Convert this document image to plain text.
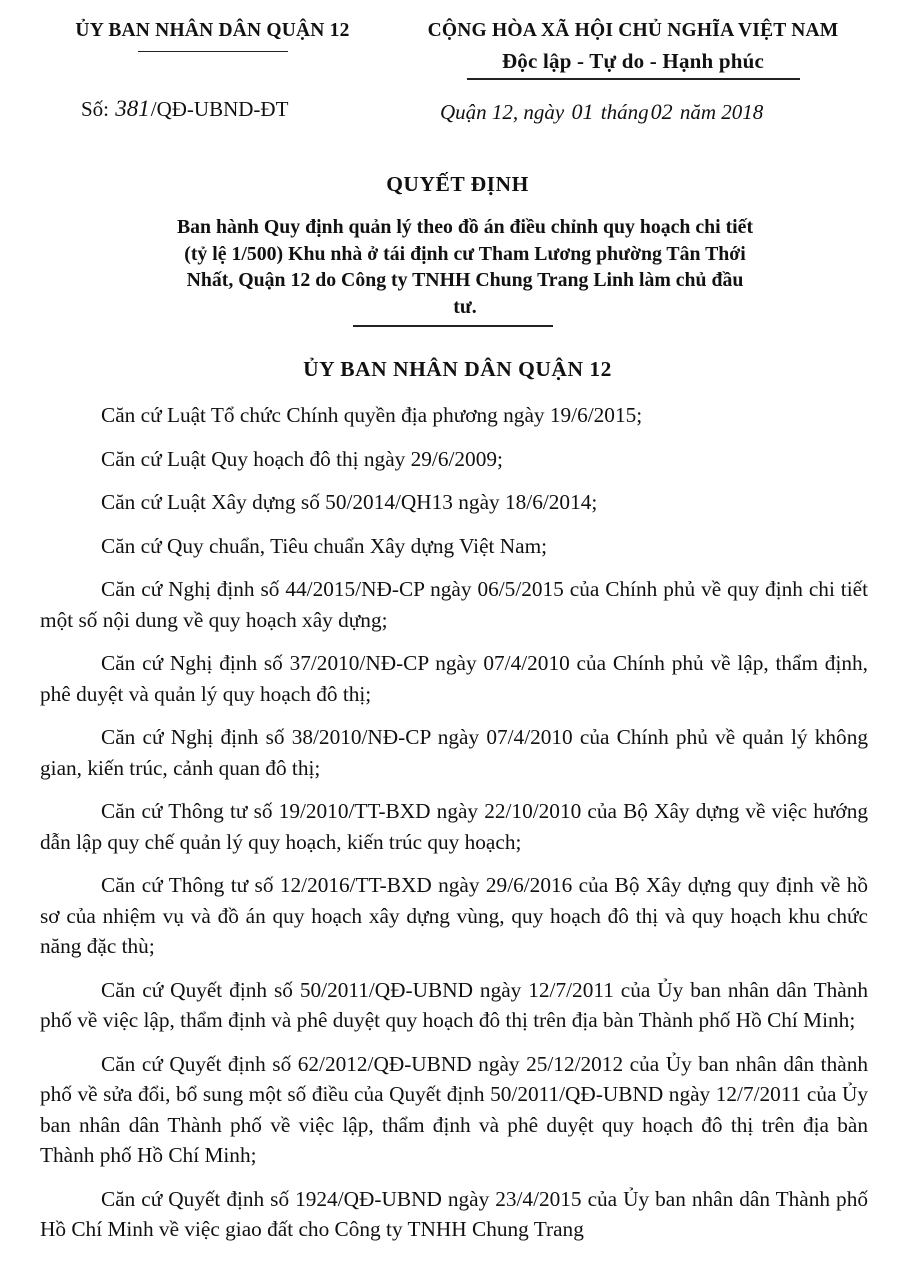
ỦY BAN NHÂN DÂN QUẬN 12	CỘNG HÒA XÃ HỘI CHỦ NGHĨA VIỆT NAM
Độc lập - Tự do - Hạnh phúc
Số: 381/QĐ-UBND-ĐT	Quận 12, ngày 01 tháng02 năm 2018
QUYẾT ĐỊNH
Ban hành Quy định quản lý theo đồ án điều chỉnh quy hoạch chi tiết (tỷ lệ 1/500) Khu nhà ở tái định cư Tham Lương phường Tân Thới Nhất, Quận 12 do Công ty TNHH Chung Trang Linh làm chủ đầu tư.
ỦY BAN NHÂN DÂN QUẬN 12

Căn cứ Luật Tổ chức Chính quyền địa phương ngày 19/6/2015;

Căn cứ Luật Quy hoạch đô thị ngày 29/6/2009;

Căn cứ Luật Xây dựng số 50/2014/QH13 ngày 18/6/2014;

Căn cứ Quy chuẩn, Tiêu chuẩn Xây dựng Việt Nam;

Căn cứ Nghị định số 44/2015/NĐ-CP ngày 06/5/2015 của Chính phủ về quy định chi tiết một số nội dung về quy hoạch xây dựng;

Căn cứ Nghị định số 37/2010/NĐ-CP ngày 07/4/2010 của Chính phủ về lập, thẩm định, phê duyệt và quản lý quy hoạch đô thị;

Căn cứ Nghị định số 38/2010/NĐ-CP ngày 07/4/2010 của Chính phủ về quản lý không gian, kiến trúc, cảnh quan đô thị;

Căn cứ Thông tư số 19/2010/TT-BXD ngày 22/10/2010 của Bộ Xây dựng về việc hướng dẫn lập quy chế quản lý quy hoạch, kiến trúc quy hoạch;

Căn cứ Thông tư số 12/2016/TT-BXD ngày 29/6/2016 của Bộ Xây dựng quy định về hồ sơ của nhiệm vụ và đồ án quy hoạch xây dựng vùng, quy hoạch đô thị và quy hoạch khu chức năng đặc thù;

Căn cứ Quyết định số 50/2011/QĐ-UBND ngày 12/7/2011 của Ủy ban nhân dân Thành phố về việc lập, thẩm định và phê duyệt quy hoạch đô thị trên địa bàn Thành phố Hồ Chí Minh;

Căn cứ Quyết định số 62/2012/QĐ-UBND ngày 25/12/2012 của Ủy ban nhân dân thành phố về sửa đổi, bổ sung một số điều của Quyết định 50/2011/QĐ-UBND ngày 12/7/2011 của Ủy ban nhân dân Thành phố về việc lập, thẩm định và phê duyệt quy hoạch đô thị trên địa bàn Thành phố Hồ Chí Minh;

Căn cứ Quyết định số 1924/QĐ-UBND ngày 23/4/2015 của Ủy ban nhân dân Thành phố Hồ Chí Minh về việc giao đất cho Công ty TNHH Chung Trang
